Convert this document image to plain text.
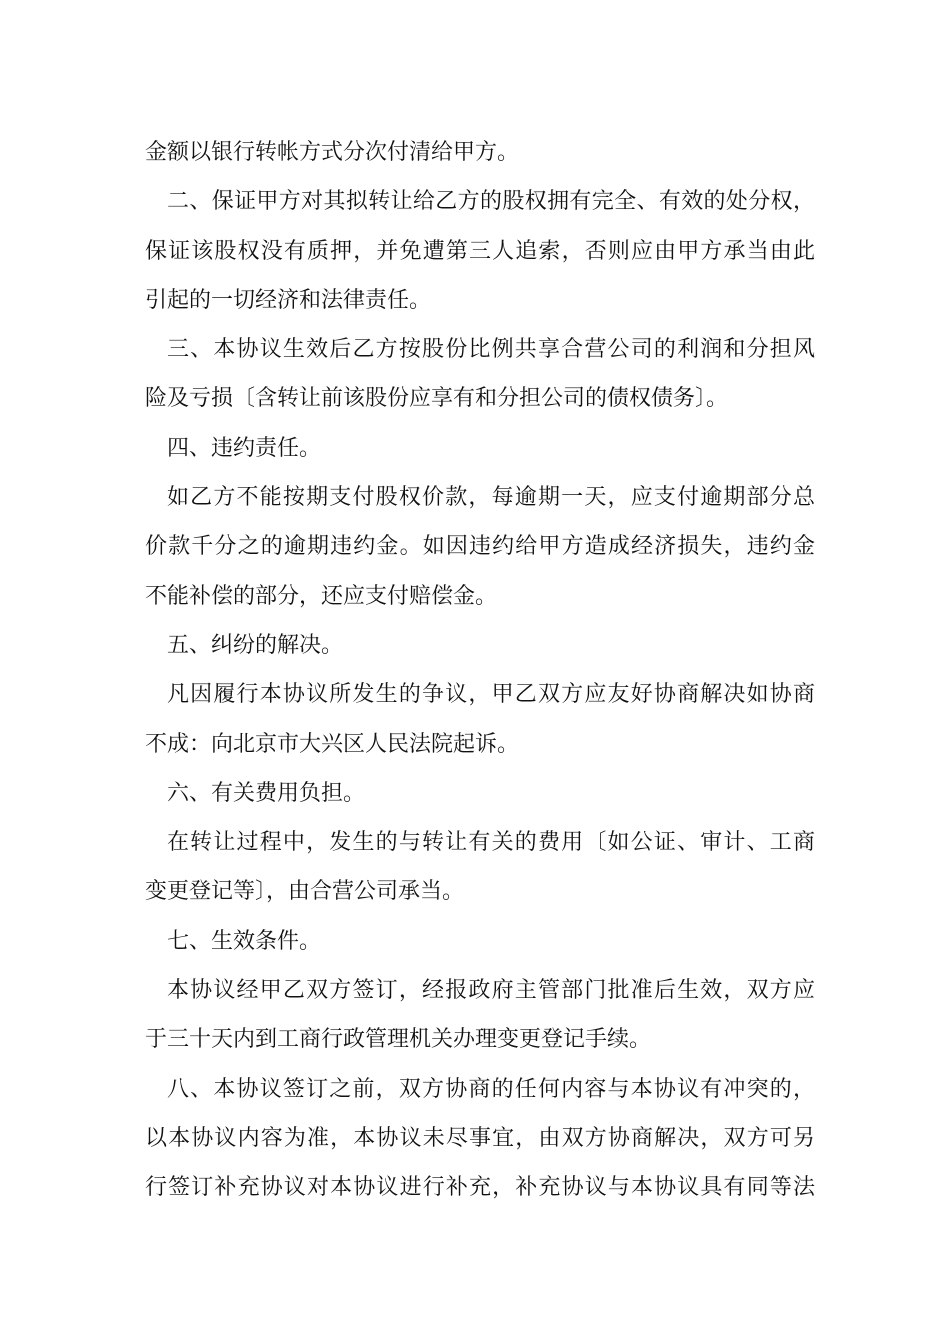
金额以银行转帐方式分次付清给甲方。
二、保证甲方对其拟转让给乙方的股权拥有完全、有效的处分权，
保证该股权没有质押，并免遭第三人追索，否则应由甲方承当由此
引起的一切经济和法律责任。
三、本协议生效后乙方按股份比例共享合营公司的利润和分担风
险及亏损〔含转让前该股份应享有和分担公司的债权债务〕。
四、违约责任。
如乙方不能按期支付股权价款，每逾期一天，应支付逾期部分总
价款千分之的逾期违约金。如因违约给甲方造成经济损失，违约金
不能补偿的部分，还应支付赔偿金。
五、纠纷的解决。
凡因履行本协议所发生的争议，甲乙双方应友好协商解决如协商
不成：向北京市大兴区人民法院起诉。
六、有关费用负担。
在转让过程中，发生的与转让有关的费用〔如公证、审计、工商
变更登记等〕，由合营公司承当。
七、生效条件。
本协议经甲乙双方签订，经报政府主管部门批准后生效，双方应
于三十天内到工商行政管理机关办理变更登记手续。
八、本协议签订之前，双方协商的任何内容与本协议有冲突的，
以本协议内容为准，本协议未尽事宜，由双方协商解决，双方可另
行签订补充协议对本协议进行补充，补充协议与本协议具有同等法
